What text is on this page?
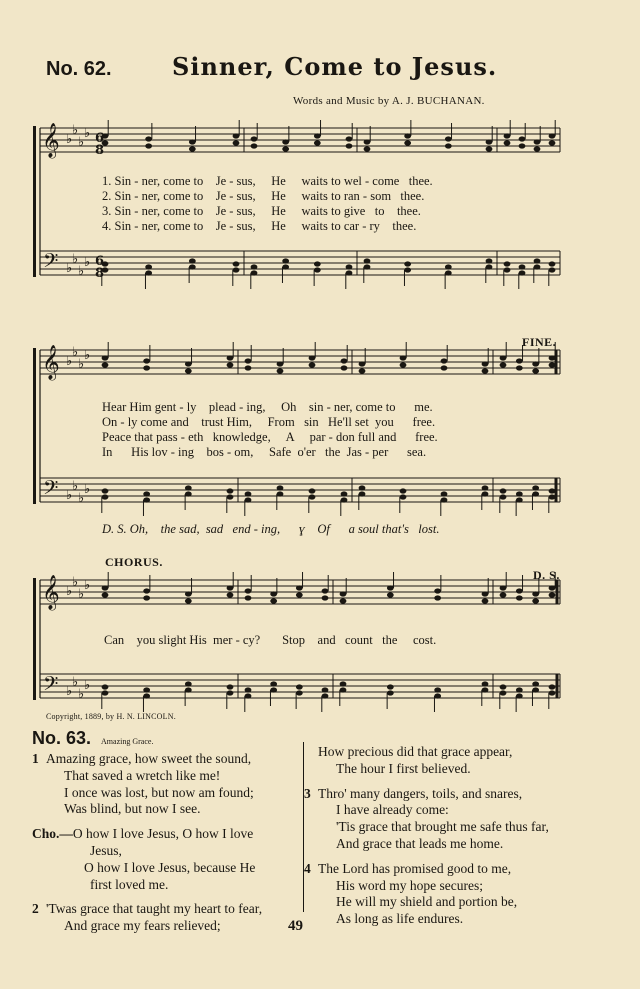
No. 62.	Sinner, Come to Jesus.
Words and Music by A. J. BUCHANAN.
1. Sin - ner, come to    Je - sus,     He     waits to wel - come   thee.
2. Sin - ner, come to    Je - sus,     He     waits to ran - som   thee.
3. Sin - ner, come to    Je - sus,     He     waits to give   to    thee.
4. Sin - ner, come to    Je - sus,     He     waits to car - ry    thee.
FINE.
Hear Him gent - ly    plead - ing,     Oh    sin - ner, come to      me.
On - ly come and    trust Him,     From   sin   He'll set  you      free.
Peace that pass - eth   knowledge,     A     par - don full and      free.
In      His lov - ing    bos - om,     Safe  o'er   the  Jas - per      sea.
D. S. Oh,    the sad,  sad   end - ing,      ɣ    Of      a soul that's   lost.
CHORUS.
D. S.
Can    you slight His  mer - cy?       Stop    and   count   the     cost.
𝄞
𝄢
♭
♭
♭
♭
♭
♭
♭
♭
6
8
6
8
𝄞
𝄢
♭
♭
♭
♭
♭
♭
♭
♭
𝄞
𝄢
♭
♭
♭
♭
♭
♭
♭
♭
Copyright, 1889, by H. N. LINCOLN.
No. 63. Amazing Grace.
1 Amazing grace, how sweet the sound,
That saved a wretch like me!
I once was lost, but now am found;
Was blind, but now I see.
Cho.—O how I love Jesus, O how I love
Jesus,
O how I love Jesus, because He
first loved me.
2 'Twas grace that taught my heart to fear,
And grace my fears relieved;
How precious did that grace appear,
The hour I first believed.
3 Thro' many dangers, toils, and snares,
I have already come:
'Tis grace that brought me safe thus far,
And grace that leads me home.
4 The Lord has promised good to me,
His word my hope secures;
He will my shield and portion be,
As long as life endures.
49
